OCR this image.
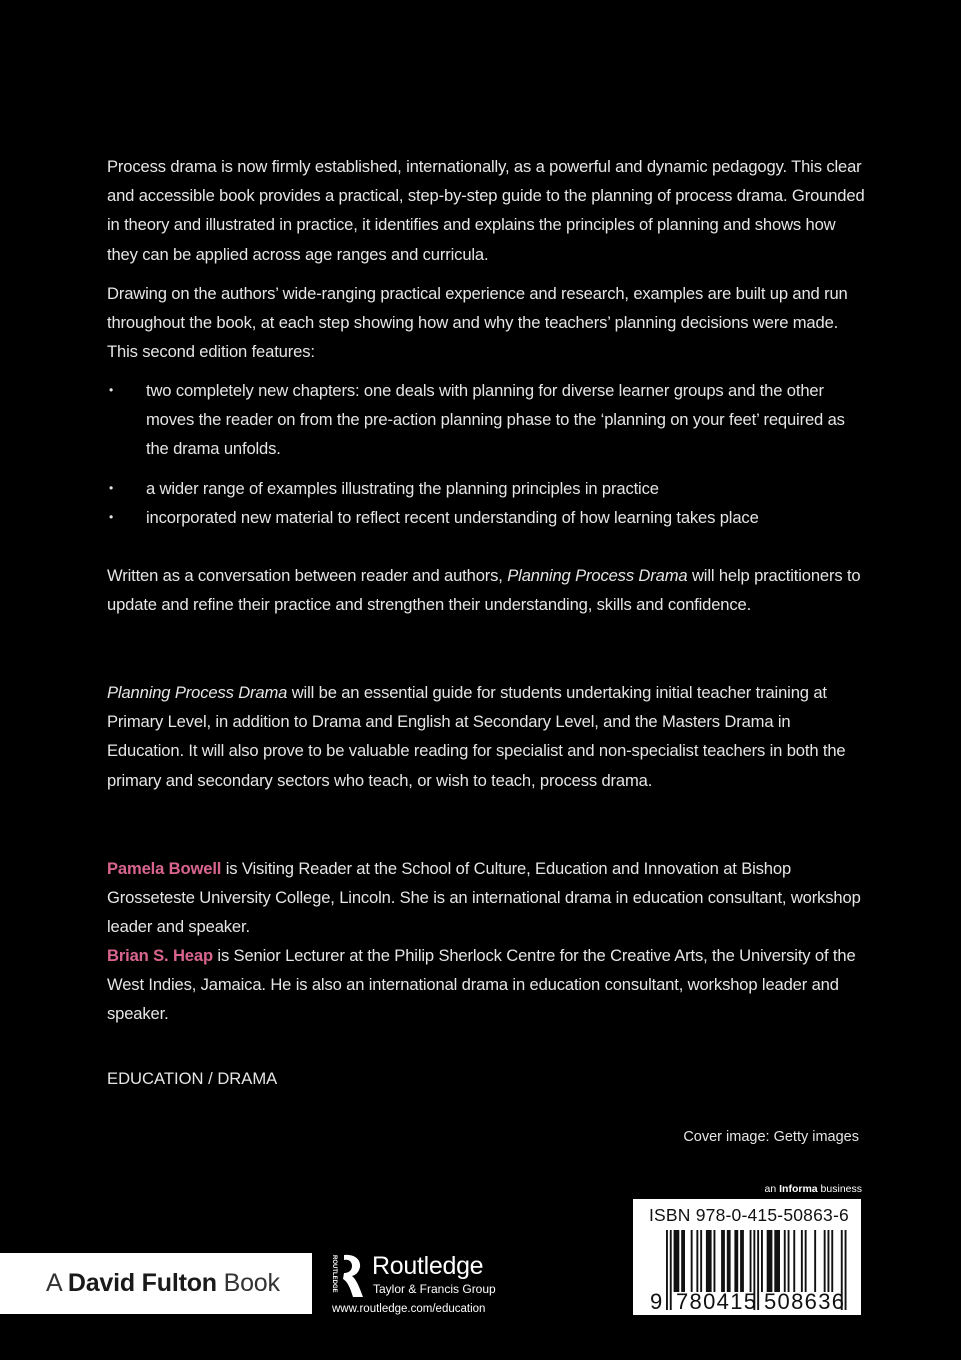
Process drama is now firmly established, internationally, as a powerful and dynamic pedagogy. This clear and accessible book provides a practical, step-by-step guide to the planning of process drama. Grounded in theory and illustrated in practice, it identifies and explains the principles of planning and shows how they can be applied across age ranges and curricula.

Drawing on the authors’ wide-ranging practical experience and research, examples are built up and run throughout the book, at each step showing how and why the teachers’ planning decisions were made. This second edition features:

• two completely new chapters: one deals with planning for diverse learner groups and the other moves the reader on from the pre-action planning phase to the ‘planning on your feet’ required as the drama unfolds.
• a wider range of examples illustrating the planning principles in practice
• incorporated new material to reflect recent understanding of how learning takes place

Written as a conversation between reader and authors, Planning Process Drama will help practitioners to update and refine their practice and strengthen their understanding, skills and confidence.

Planning Process Drama will be an essential guide for students undertaking initial teacher training at Primary Level, in addition to Drama and English at Secondary Level, and the Masters Drama in Education. It will also prove to be valuable reading for specialist and non-specialist teachers in both the primary and secondary sectors who teach, or wish to teach, process drama.

Pamela Bowell is Visiting Reader at the School of Culture, Education and Innovation at Bishop Grosseteste University College, Lincoln. She is an international drama in education consultant, workshop leader and speaker.

Brian S. Heap is Senior Lecturer at the Philip Sherlock Centre for the Creative Arts, the University of the West Indies, Jamaica. He is also an international drama in education consultant, workshop leader and speaker.

EDUCATION / DRAMA
Cover image: Getty images
A David Fulton Book	ROUTLEDGE Routledge
Taylor & Francis Group
www.routledge.com/education
an Informa business
ISBN 978-0-415-50863-6
9 780415 508636
